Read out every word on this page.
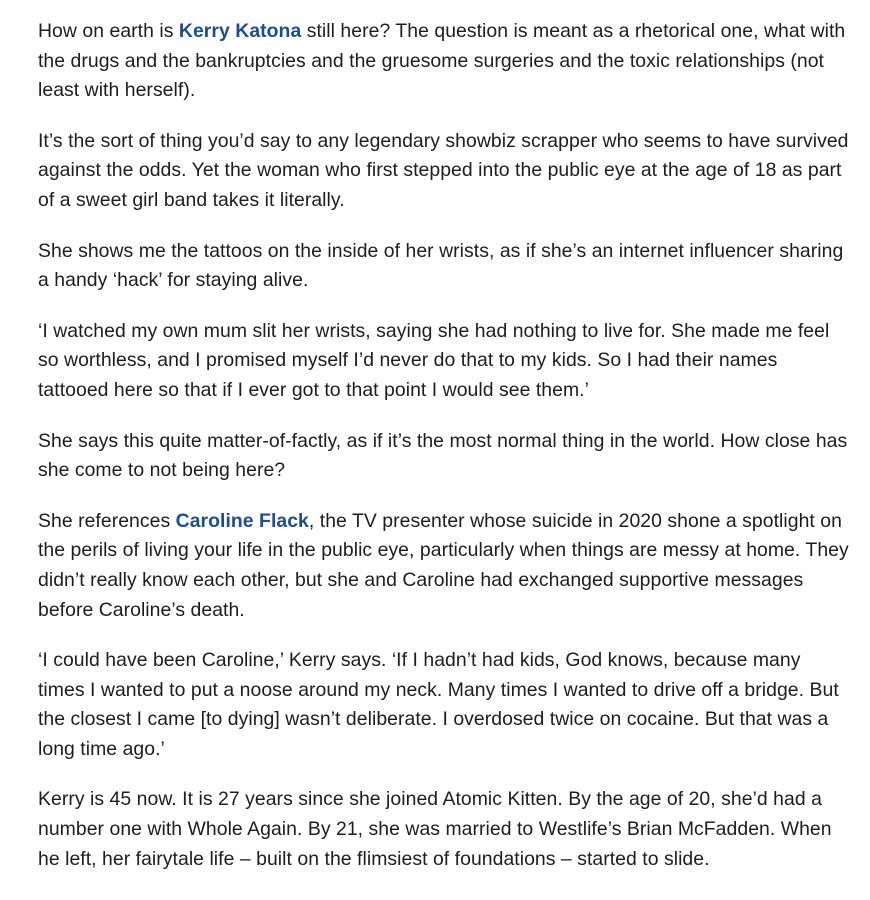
How on earth is Kerry Katona still here? The question is meant as a rhetorical one, what with the drugs and the bankruptcies and the gruesome surgeries and the toxic relationships (not least with herself).

It’s the sort of thing you’d say to any legendary showbiz scrapper who seems to have survived against the odds. Yet the woman who first stepped into the public eye at the age of 18 as part of a sweet girl band takes it literally.

She shows me the tattoos on the inside of her wrists, as if she’s an internet influencer sharing a handy ‘hack’ for staying alive.

‘I watched my own mum slit her wrists, saying she had nothing to live for. She made me feel so worthless, and I promised myself I’d never do that to my kids. So I had their names tattooed here so that if I ever got to that point I would see them.’

She says this quite matter-of-factly, as if it’s the most normal thing in the world. How close has she come to not being here?

She references Caroline Flack, the TV presenter whose suicide in 2020 shone a spotlight on the perils of living your life in the public eye, particularly when things are messy at home. They didn’t really know each other, but she and Caroline had exchanged supportive messages before Caroline’s death.

‘I could have been Caroline,’ Kerry says. ‘If I hadn’t had kids, God knows, because many times I wanted to put a noose around my neck. Many times I wanted to drive off a bridge. But the closest I came [to dying] wasn’t deliberate. I overdosed twice on cocaine. But that was a long time ago.’

Kerry is 45 now. It is 27 years since she joined Atomic Kitten. By the age of 20, she’d had a number one with Whole Again. By 21, she was married to Westlife’s Brian McFadden. When he left, her fairytale life – built on the flimsiest of foundations – started to slide.
